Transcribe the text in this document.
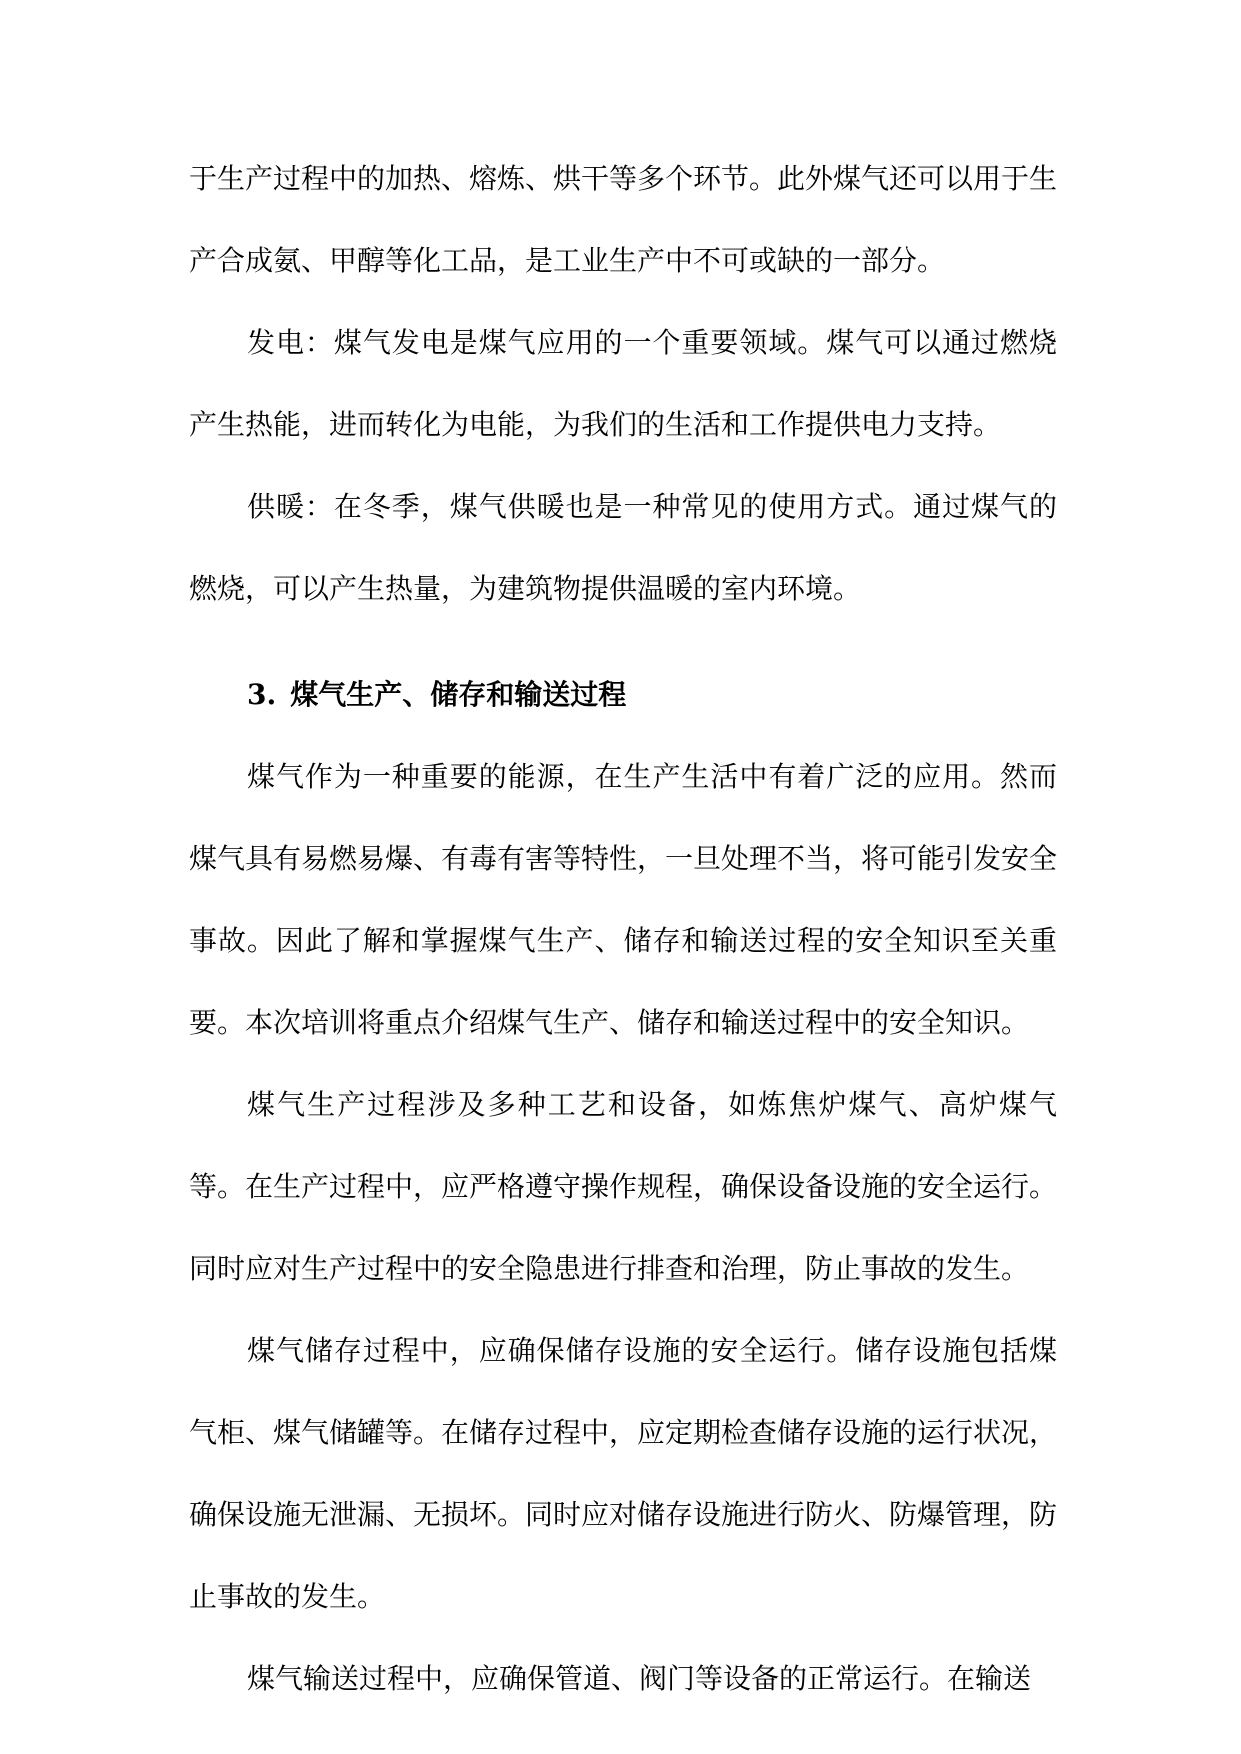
于生产过程中的加热、熔炼、烘干等多个环节。此外煤气还可以用于生产合成氨、甲醇等化工品，是工业生产中不可或缺的一部分。

发电：煤气发电是煤气应用的一个重要领域。煤气可以通过燃烧产生热能，进而转化为电能，为我们的生活和工作提供电力支持。

供暖：在冬季，煤气供暖也是一种常见的使用方式。通过煤气的燃烧，可以产生热量，为建筑物提供温暖的室内环境。

3. 煤气生产、储存和输送过程

煤气作为一种重要的能源，在生产生活中有着广泛的应用。然而煤气具有易燃易爆、有毒有害等特性，一旦处理不当，将可能引发安全事故。因此了解和掌握煤气生产、储存和输送过程的安全知识至关重要。本次培训将重点介绍煤气生产、储存和输送过程中的安全知识。

煤气生产过程涉及多种工艺和设备，如炼焦炉煤气、高炉煤气等。在生产过程中，应严格遵守操作规程，确保设备设施的安全运行。同时应对生产过程中的安全隐患进行排查和治理，防止事故的发生。

煤气储存过程中，应确保储存设施的安全运行。储存设施包括煤气柜、煤气储罐等。在储存过程中，应定期检查储存设施的运行状况，确保设施无泄漏、无损坏。同时应对储存设施进行防火、防爆管理，防止事故的发生。

煤气输送过程中，应确保管道、阀门等设备的正常运行。在输送
